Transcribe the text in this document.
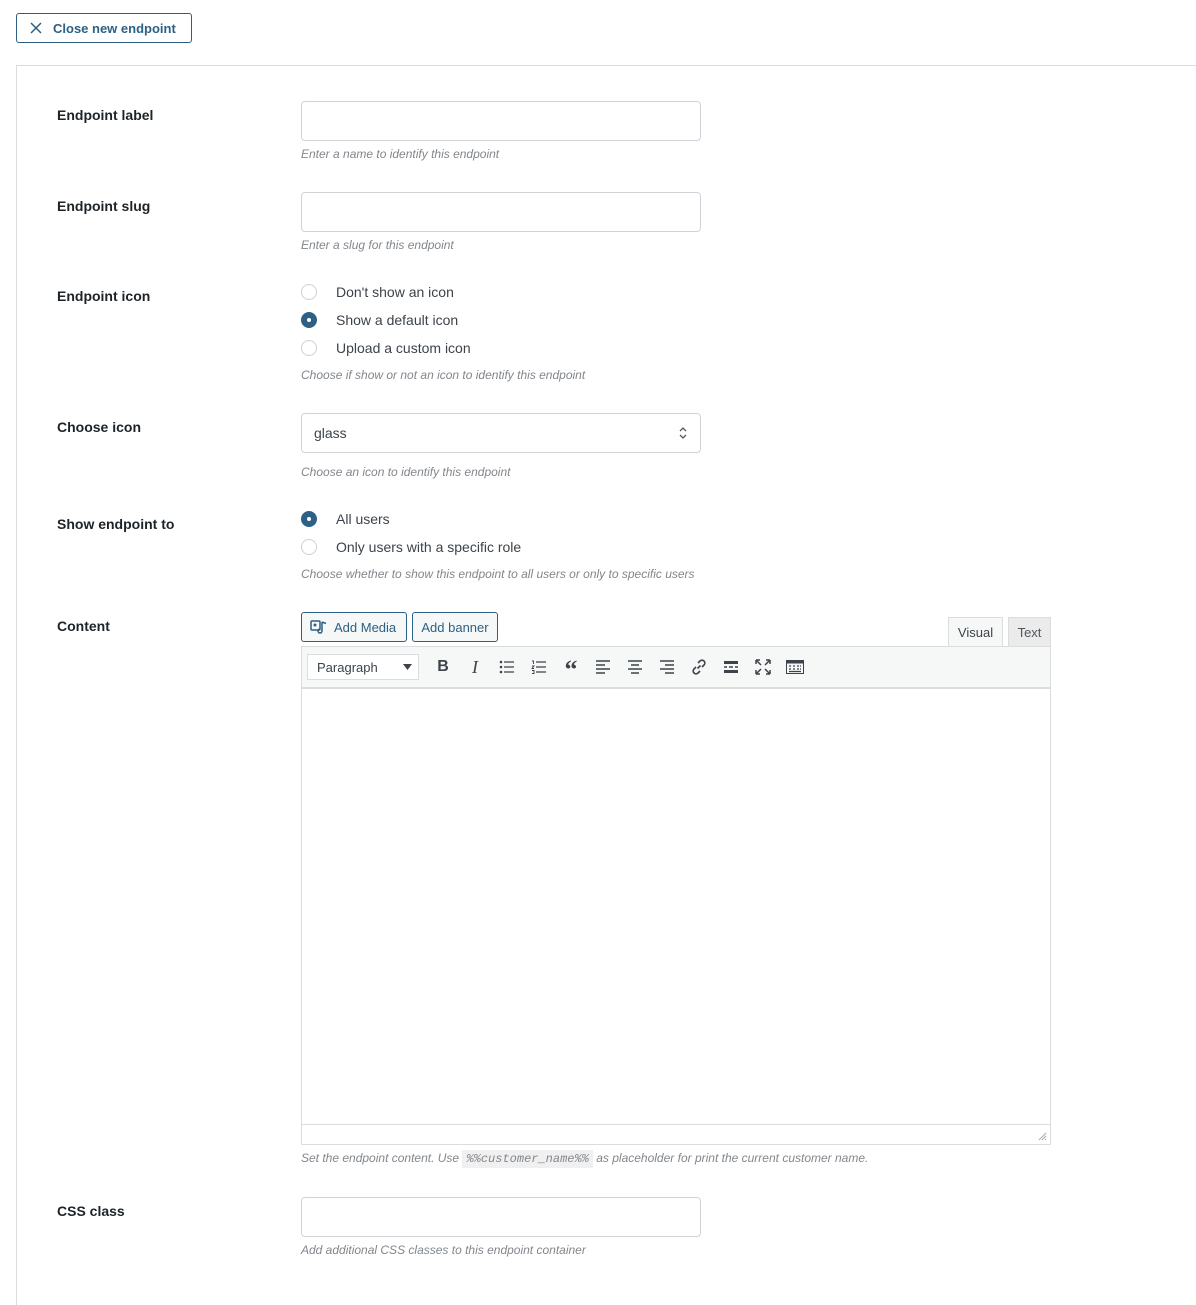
Close new endpoint
Endpoint label
Enter a name to identify this endpoint
Endpoint slug
Enter a slug for this endpoint
Endpoint icon	Don't show an icon
Show a default icon
Upload a custom icon
Choose if show or not an icon to identify this endpoint
Choose icon	glass
Choose an icon to identify this endpoint
Show endpoint to	All users
Only users with a specific role
Choose whether to show this endpoint to all users or only to specific users
Content	Add Media Add banner	Visual Text
Paragraph	B I	“
Set the endpoint content. Use %%customer_name%% as placeholder for print the current customer name.
CSS class
Add additional CSS classes to this endpoint container
